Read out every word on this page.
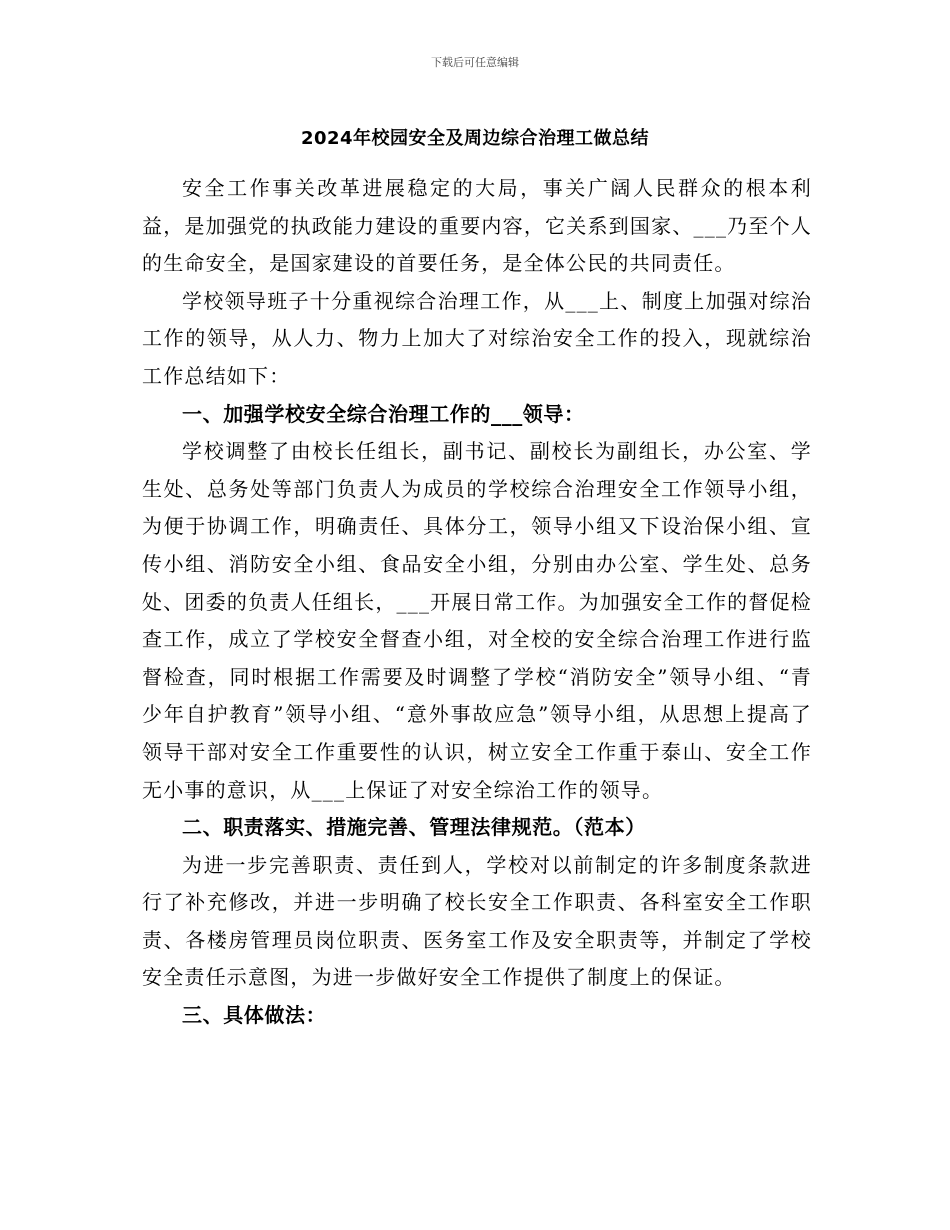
下载后可任意编辑
2024年校园安全及周边综合治理工做总结

安全工作事关改革进展稳定的大局，事关广阔人民群众的根本利益，是加强党的执政能力建设的重要内容，它关系到国家、___乃至个人的生命安全，是国家建设的首要任务，是全体公民的共同责任。

学校领导班子十分重视综合治理工作，从___上、制度上加强对综治工作的领导，从人力、物力上加大了对综治安全工作的投入，现就综治工作总结如下：

一、加强学校安全综合治理工作的___领导：

学校调整了由校长任组长，副书记、副校长为副组长，办公室、学生处、总务处等部门负责人为成员的学校综合治理安全工作领导小组，为便于协调工作，明确责任、具体分工，领导小组又下设治保小组、宣传小组、消防安全小组、食品安全小组，分别由办公室、学生处、总务处、团委的负责人任组长，___开展日常工作。为加强安全工作的督促检查工作，成立了学校安全督查小组，对全校的安全综合治理工作进行监督检查，同时根据工作需要及时调整了学校“消防安全”领导小组、“青少年自护教育”领导小组、“意外事故应急”领导小组，从思想上提高了领导干部对安全工作重要性的认识，树立安全工作重于泰山、安全工作无小事的意识，从___上保证了对安全综治工作的领导。

二、职责落实、措施完善、管理法律规范。（范本）

为进一步完善职责、责任到人，学校对以前制定的许多制度条款进行了补充修改，并进一步明确了校长安全工作职责、各科室安全工作职责、各楼房管理员岗位职责、医务室工作及安全职责等，并制定了学校安全责任示意图，为进一步做好安全工作提供了制度上的保证。

三、具体做法：
